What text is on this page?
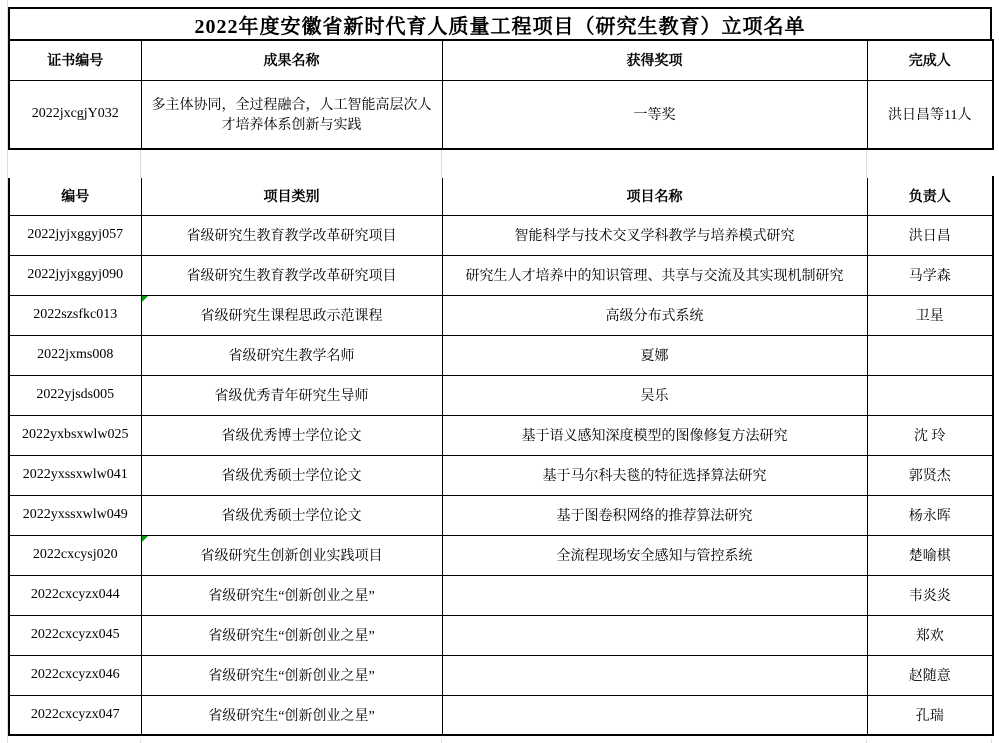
2022年度安徽省新时代育人质量工程项目（研究生教育）立项名单
证书编号	成果名称	获得奖项	完成人
2022jxcgjY032	多主体协同，全过程融合，人工智能高层次人才培养体系创新与实践	一等奖	洪日昌等11人
编号	项目类别	项目名称	负责人
2022jyjxggyj057	省级研究生教育教学改革研究项目	智能科学与技术交叉学科教学与培养模式研究	洪日昌
2022jyjxggyj090	省级研究生教育教学改革研究项目	研究生人才培养中的知识管理、共享与交流及其实现机制研究	马学森
2022szsfkc013	省级研究生课程思政示范课程	高级分布式系统	卫星
2022jxms008	省级研究生教学名师	夏娜	
2022yjsds005	省级优秀青年研究生导师	吴乐	
2022yxbsxwlw025	省级优秀博士学位论文	基于语义感知深度模型的图像修复方法研究	沈 玲
2022yxssxwlw041	省级优秀硕士学位论文	基于马尔科夫毯的特征选择算法研究	郭贤杰
2022yxssxwlw049	省级优秀硕士学位论文	基于图卷积网络的推荐算法研究	杨永晖
2022cxcysj020	省级研究生创新创业实践项目	全流程现场安全感知与管控系统	楚喻棋
2022cxcyzx044	省级研究生“创新创业之星”		韦炎炎
2022cxcyzx045	省级研究生“创新创业之星”		郑欢
2022cxcyzx046	省级研究生“创新创业之星”		赵随意
2022cxcyzx047	省级研究生“创新创业之星”		孔瑞
